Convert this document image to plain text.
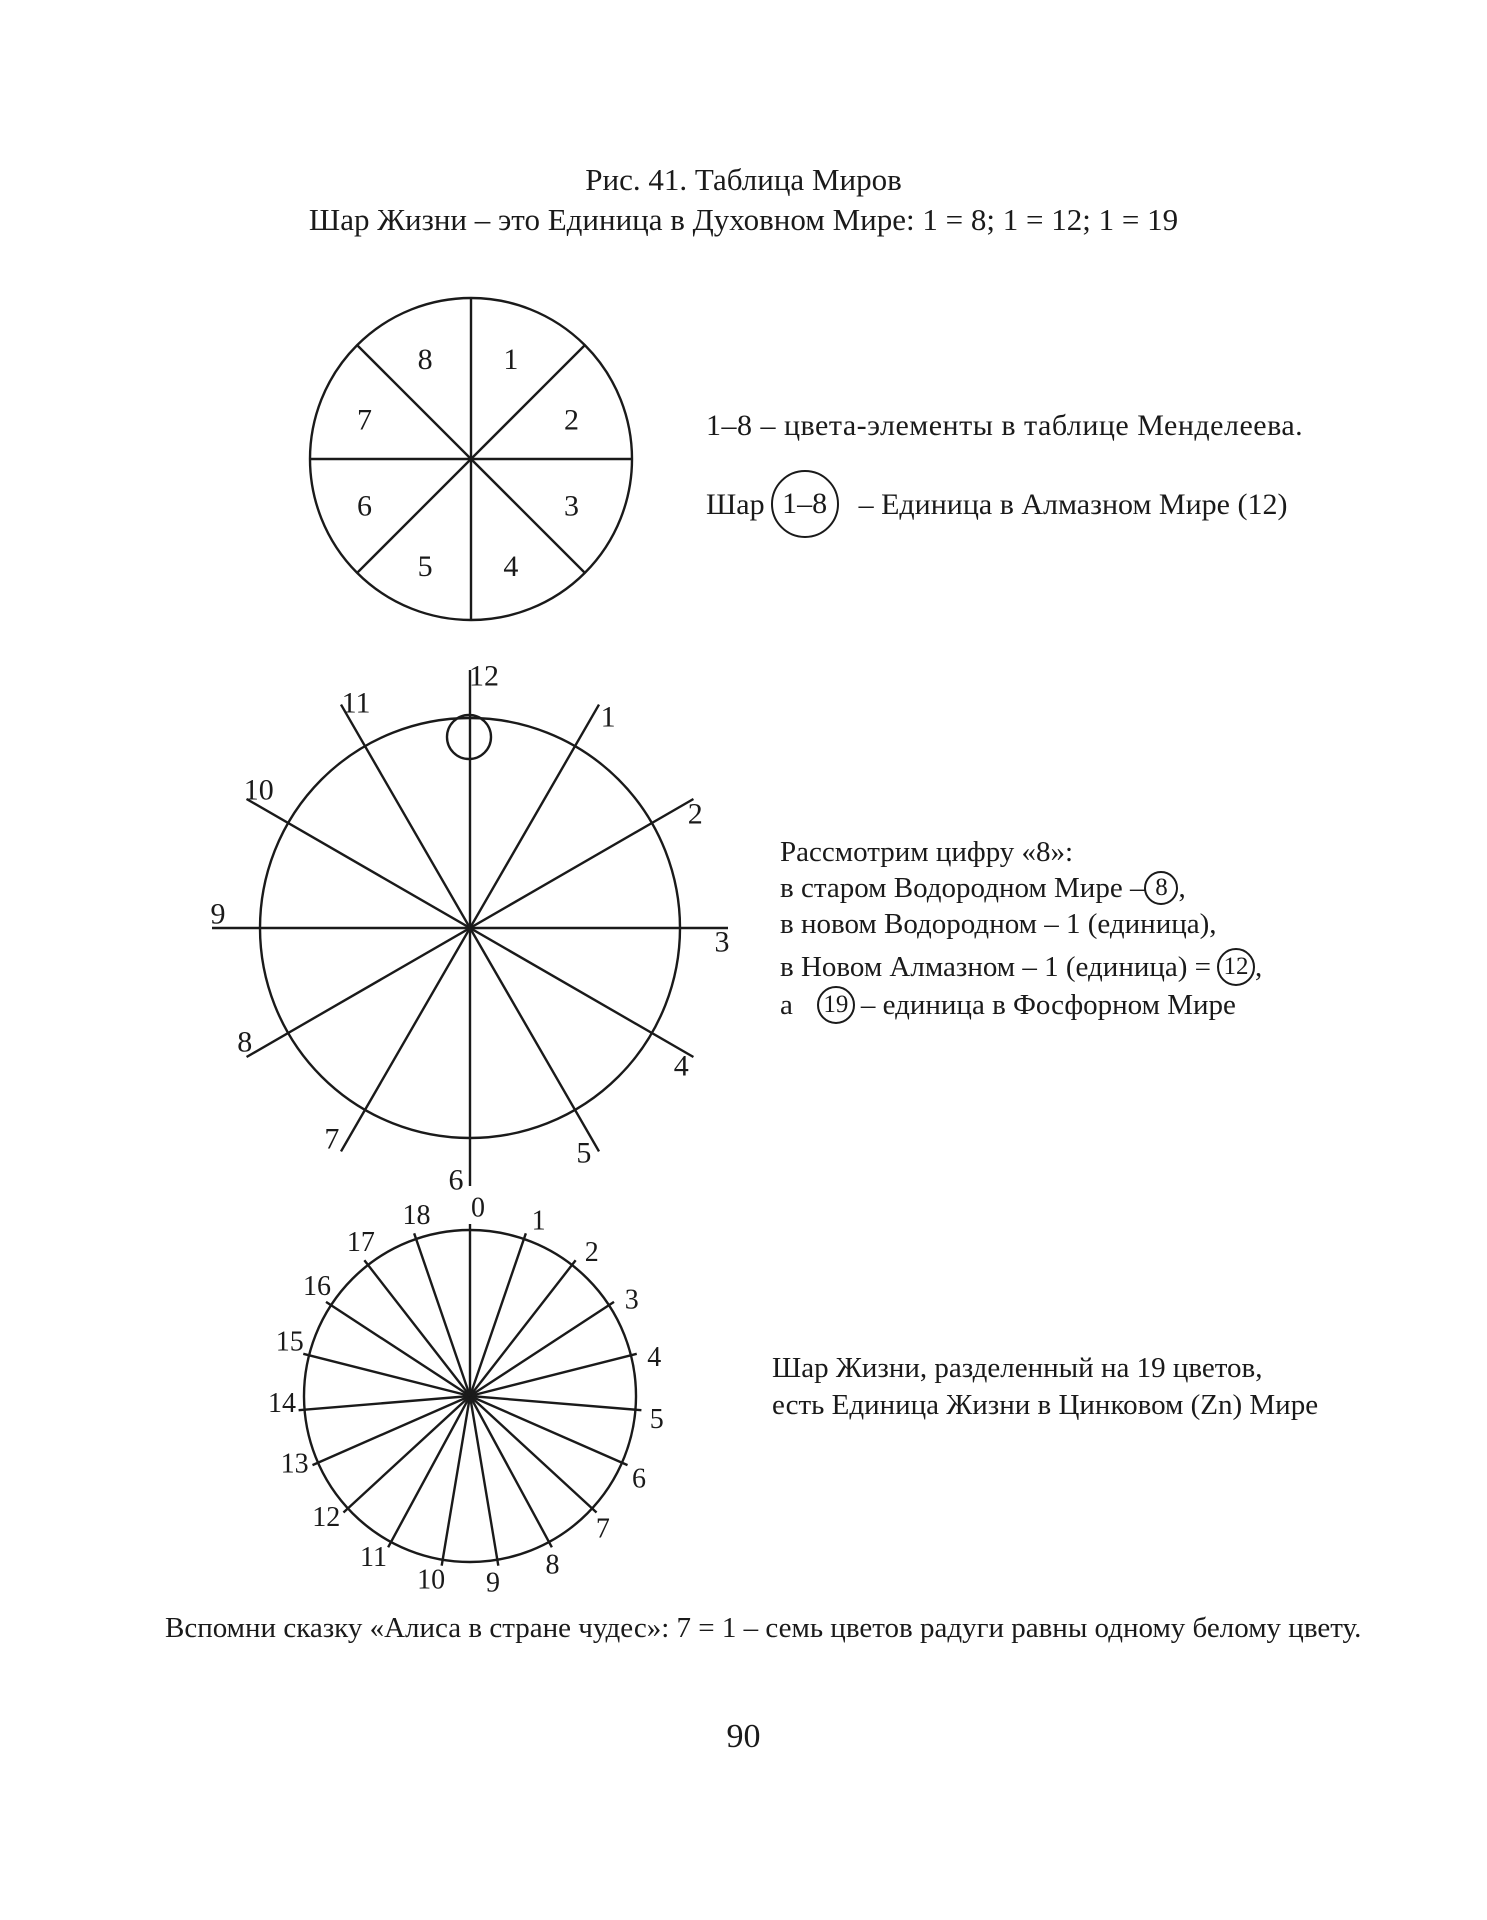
Рис. 41. Таблица Миров
Шар Жизни – это Единица в Духовном Мире: 1 = 8; 1 = 12; 1 = 19
1
2
3
4
5
6
7
8
1
2
3
4
5
6
7
8
9
10
11
12
0 1
2
3
4
5
6
7
8
9
10
11
12
13
14
15
16
17
18
1–8 – цвета-элементы в таблице Менделеева.
Шар 1–8	– Единица в Алмазном Мире (12)
Рассмотрим цифру «8»:
в старом Водородном Мире – 8 ,
в новом Водородном – 1 (единица),
в Новом Алмазном – 1 (единица) = 12 ,
а 19 – единица в Фосфорном Мире
Шар Жизни, разделенный на 19 цветов,
есть Единица Жизни в Цинковом (Zn) Мире
Вспомни сказку «Алиса в стране чудес»: 7 = 1 – семь цветов радуги равны одному белому цвету.
90
